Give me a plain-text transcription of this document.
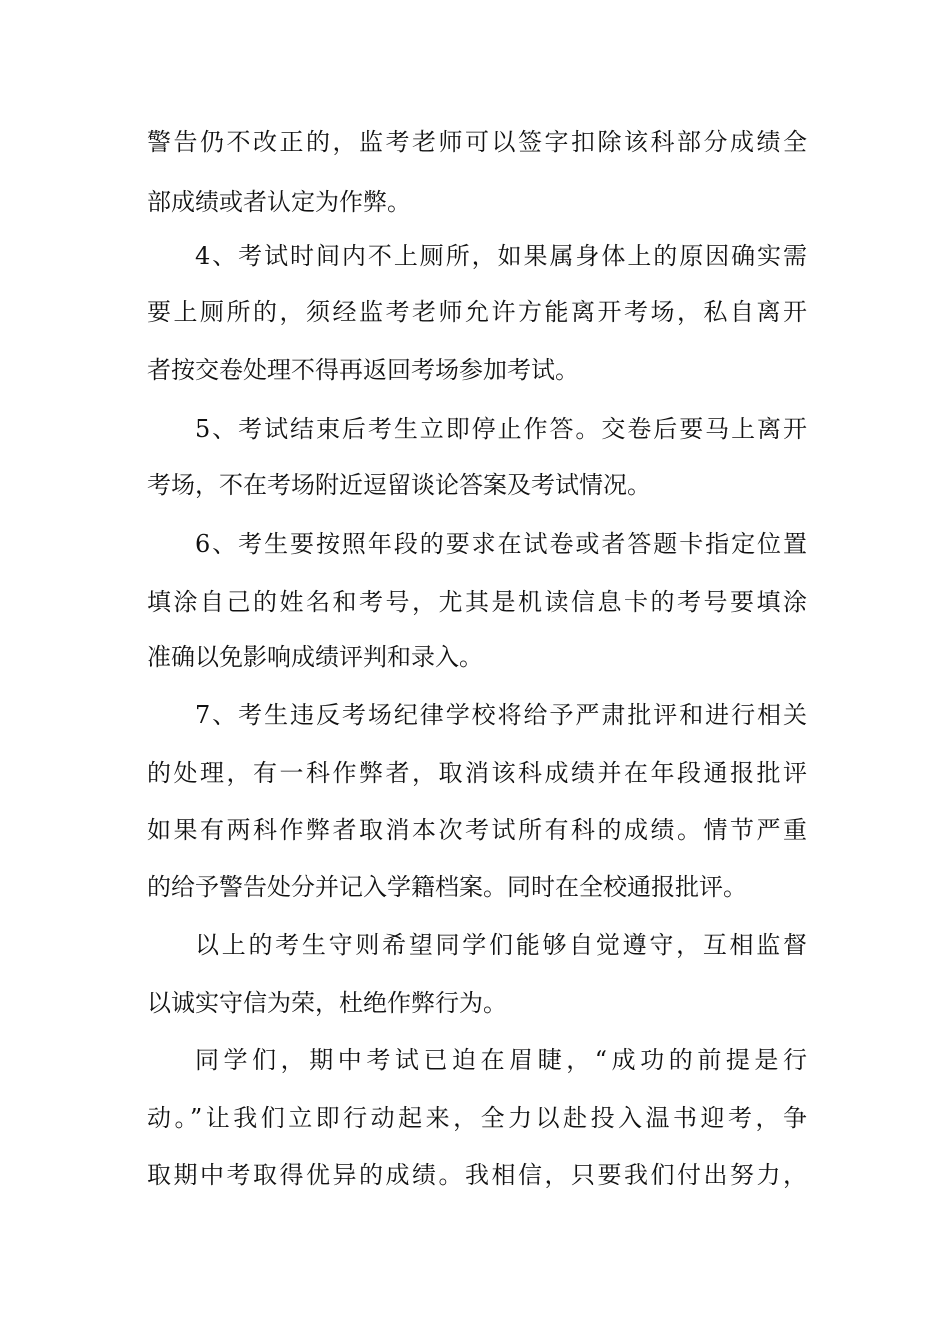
警告仍不改正的，监考老师可以签字扣除该科部分成绩全
部成绩或者认定为作弊。
4、考试时间内不上厕所，如果属身体上的原因确实需
要上厕所的，须经监考老师允许方能离开考场，私自离开
者按交卷处理不得再返回考场参加考试。
5、考试结束后考生立即停止作答。交卷后要马上离开
考场，不在考场附近逗留谈论答案及考试情况。
6、考生要按照年段的要求在试卷或者答题卡指定位置
填涂自己的姓名和考号，尤其是机读信息卡的考号要填涂
准确以免影响成绩评判和录入。
7、考生违反考场纪律学校将给予严肃批评和进行相关
的处理，有一科作弊者，取消该科成绩并在年段通报批评
如果有两科作弊者取消本次考试所有科的成绩。情节严重
的给予警告处分并记入学籍档案。同时在全校通报批评。
以上的考生守则希望同学们能够自觉遵守，互相监督
以诚实守信为荣，杜绝作弊行为。
同学们，期中考试已迫在眉睫，“成功的前提是行
动。”让我们立即行动起来，全力以赴投入温书迎考，争
取期中考取得优异的成绩。我相信，只要我们付出努力，
